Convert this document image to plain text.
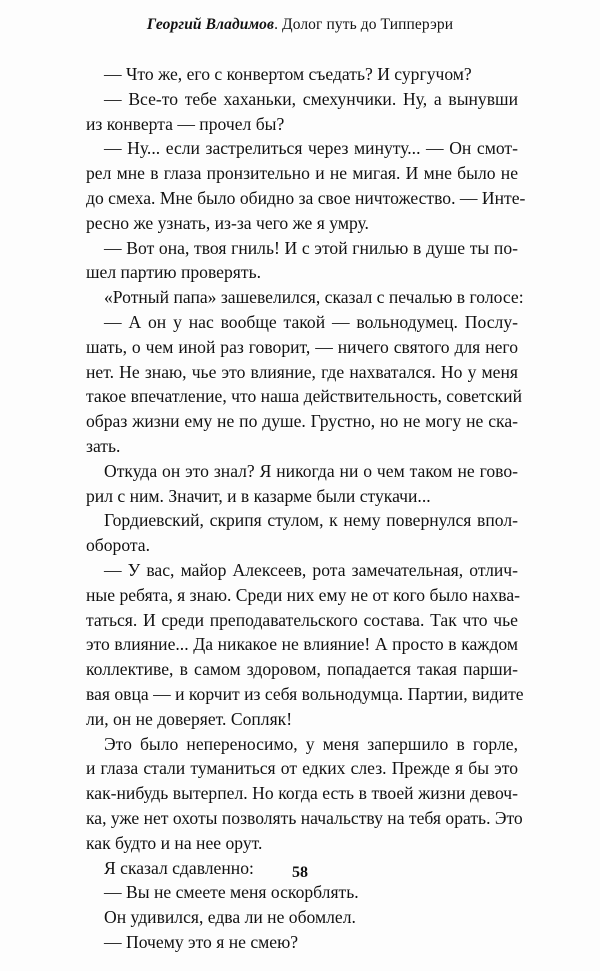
Георгий Владимов. Долог путь до Типперэри
— Что же, его с конвертом съедать? И сургучом?
— Все-то тебе хаханьки, смехунчики. Ну, а вынувши
из конверта — прочел бы?
— Ну... если застрелиться через минуту... — Он смот-
рел мне в глаза пронзительно и не мигая. И мне было не
до смеха. Мне было обидно за свое ничтожество. — Инте-
ресно же узнать, из-за чего же я умру.
— Вот она, твоя гниль! И с этой гнилью в душе ты по-
шел партию проверять.
«Ротный папа» зашевелился, сказал с печалью в голосе:
— А он у нас вообще такой — вольнодумец. Послу-
шать, о чем иной раз говорит, — ничего святого для него
нет. Не знаю, чье это влияние, где нахватался. Но у меня
такое впечатление, что наша действительность, советский
образ жизни ему не по душе. Грустно, но не могу не ска-
зать.
Откуда он это знал? Я никогда ни о чем таком не гово-
рил с ним. Значит, и в казарме были стукачи...
Гордиевский, скрипя стулом, к нему повернулся впол-
оборота.
— У вас, майор Алексеев, рота замечательная, отлич-
ные ребята, я знаю. Среди них ему не от кого было нахва-
таться. И среди преподавательского состава. Так что чье
это влияние... Да никакое не влияние! А просто в каждом
коллективе, в самом здоровом, попадается такая парши-
вая овца — и корчит из себя вольнодумца. Партии, видите
ли, он не доверяет. Сопляк!
Это было непереносимо, у меня запершило в горле,
и глаза стали туманиться от едких слез. Прежде я бы это
как-нибудь вытерпел. Но когда есть в твоей жизни девоч-
ка, уже нет охоты позволять начальству на тебя орать. Это
как будто и на нее орут.
Я сказал сдавленно:
— Вы не смеете меня оскорблять.
Он удивился, едва ли не обомлел.
— Почему это я не смею?
58
